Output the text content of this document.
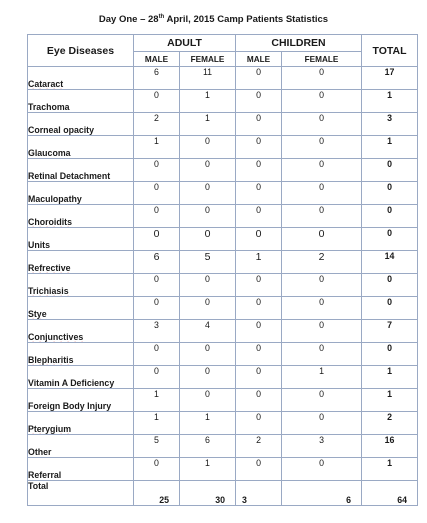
Day One – 28th April, 2015 Camp Patients Statistics
Eye Diseases	ADULT		CHILDREN		TOTAL
	MALE	FEMALE	MALE	FEMALE	
Cataract	6	11	0	0	17
Trachoma	0	1	0	0	1
Corneal opacity	2	1	0	0	3
Glaucoma	1	0	0	0	1
Retinal Detachment	0	0	0	0	0
Maculopathy	0	0	0	0	0
Choroidits	0	0	0	0	0
Units	0	0	0	0	0
Refrective	6	5	1	2	14
Trichiasis	0	0	0	0	0
Stye	0	0	0	0	0
Conjunctives	3	4	0	0	7
Blepharitis	0	0	0	0	0
Vitamin A Deficiency	0	0	0	1	1
Foreign Body Injury	1	0	0	0	1
Pterygium	1	1	0	0	2
Other	5	6	2	3	16
Referral	0	1	0	0	1
Total	25	30	3	6	64
